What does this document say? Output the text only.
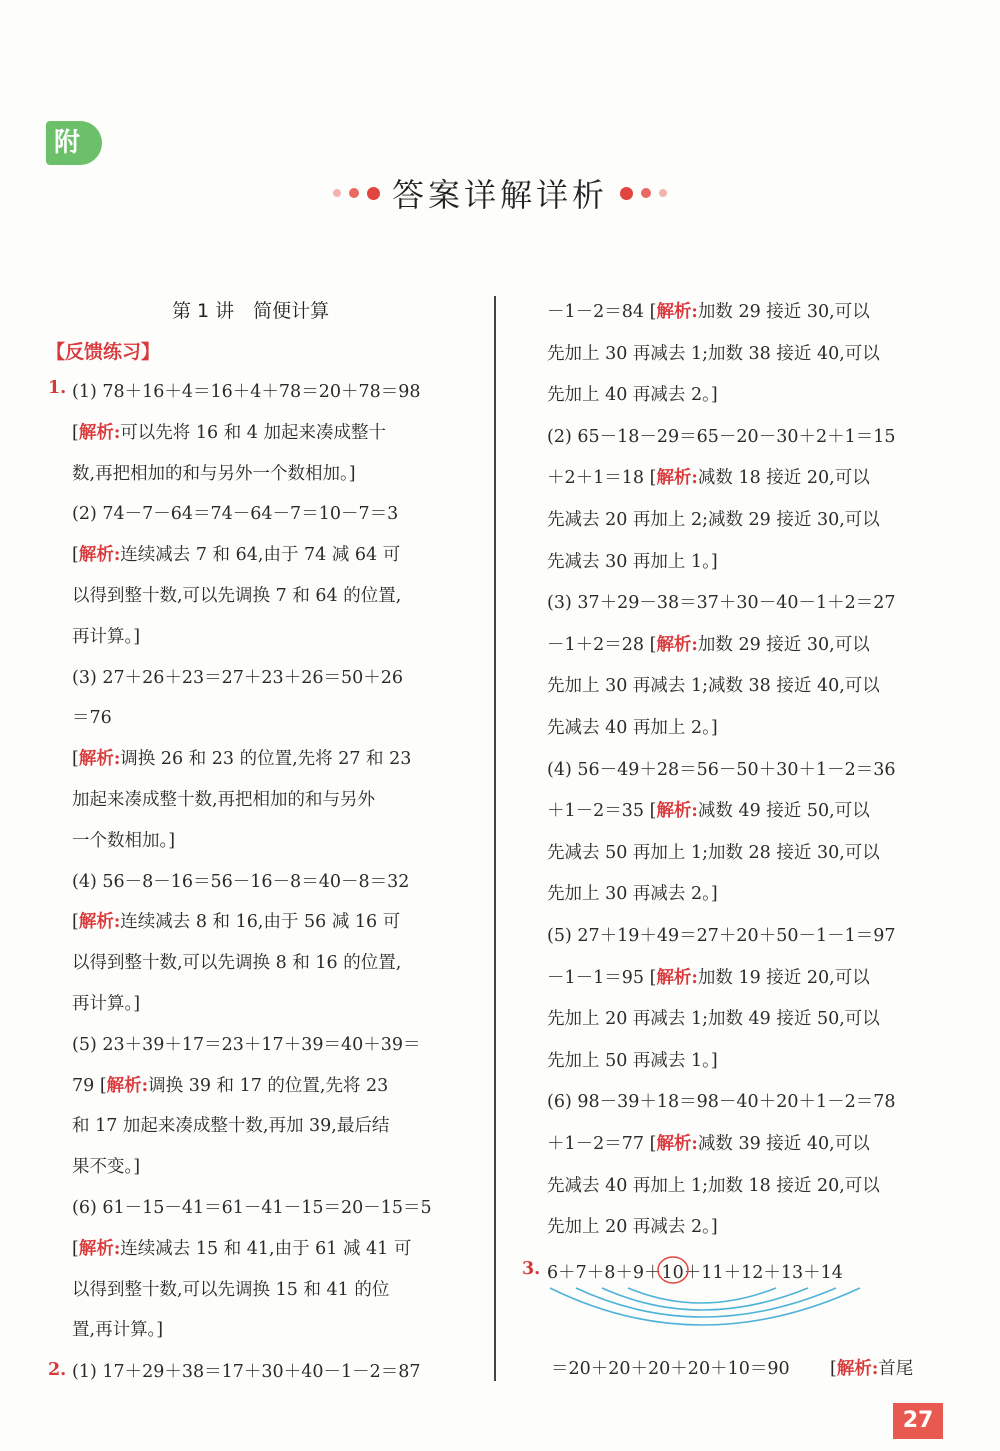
附
答案详解详析
第 1 讲　简便计算
【反馈练习】
1. (1) 78＋16＋4＝16＋4＋78＝20＋78＝98
[解析:可以先将 16 和 4 加起来凑成整十
数,再把相加的和与另外一个数相加。]
(2) 74－7－64＝74－64－7＝10－7＝3
[解析:连续减去 7 和 64,由于 74 减 64 可
以得到整十数,可以先调换 7 和 64 的位置,
再计算。]
(3) 27＋26＋23＝27＋23＋26＝50＋26
＝76
[解析:调换 26 和 23 的位置,先将 27 和 23
加起来凑成整十数,再把相加的和与另外
一个数相加。]
(4) 56－8－16＝56－16－8＝40－8＝32
[解析:连续减去 8 和 16,由于 56 减 16 可
以得到整十数,可以先调换 8 和 16 的位置,
再计算。]
(5) 23＋39＋17＝23＋17＋39＝40＋39＝
79 [解析:调换 39 和 17 的位置,先将 23
和 17 加起来凑成整十数,再加 39,最后结
果不变。]
(6) 61－15－41＝61－41－15＝20－15＝5
[解析:连续减去 15 和 41,由于 61 减 41 可
以得到整十数,可以先调换 15 和 41 的位
置,再计算。]
2. (1) 17＋29＋38＝17＋30＋40－1－2＝87
－1－2＝84 [解析:加数 29 接近 30,可以
先加上 30 再减去 1;加数 38 接近 40,可以
先加上 40 再减去 2。]
(2) 65－18－29＝65－20－30＋2＋1＝15
＋2＋1＝18 [解析:减数 18 接近 20,可以
先减去 20 再加上 2;减数 29 接近 30,可以
先减去 30 再加上 1。]
(3) 37＋29－38＝37＋30－40－1＋2＝27
－1＋2＝28 [解析:加数 29 接近 30,可以
先加上 30 再减去 1;减数 38 接近 40,可以
先减去 40 再加上 2。]
(4) 56－49＋28＝56－50＋30＋1－2＝36
＋1－2＝35 [解析:减数 49 接近 50,可以
先减去 50 再加上 1;加数 28 接近 30,可以
先加上 30 再减去 2。]
(5) 27＋19＋49＝27＋20＋50－1－1＝97
－1－1＝95 [解析:加数 19 接近 20,可以
先加上 20 再减去 1;加数 49 接近 50,可以
先加上 50 再减去 1。]
(6) 98－39＋18＝98－40＋20＋1－2＝78
＋1－2＝77 [解析:减数 39 接近 40,可以
先减去 40 再加上 1;加数 18 接近 20,可以
先加上 20 再减去 2。]
3. 6＋7＋8＋9＋10＋11＋12＋13＋14
＝20＋20＋20＋20＋10＝90 [解析:首尾
27
